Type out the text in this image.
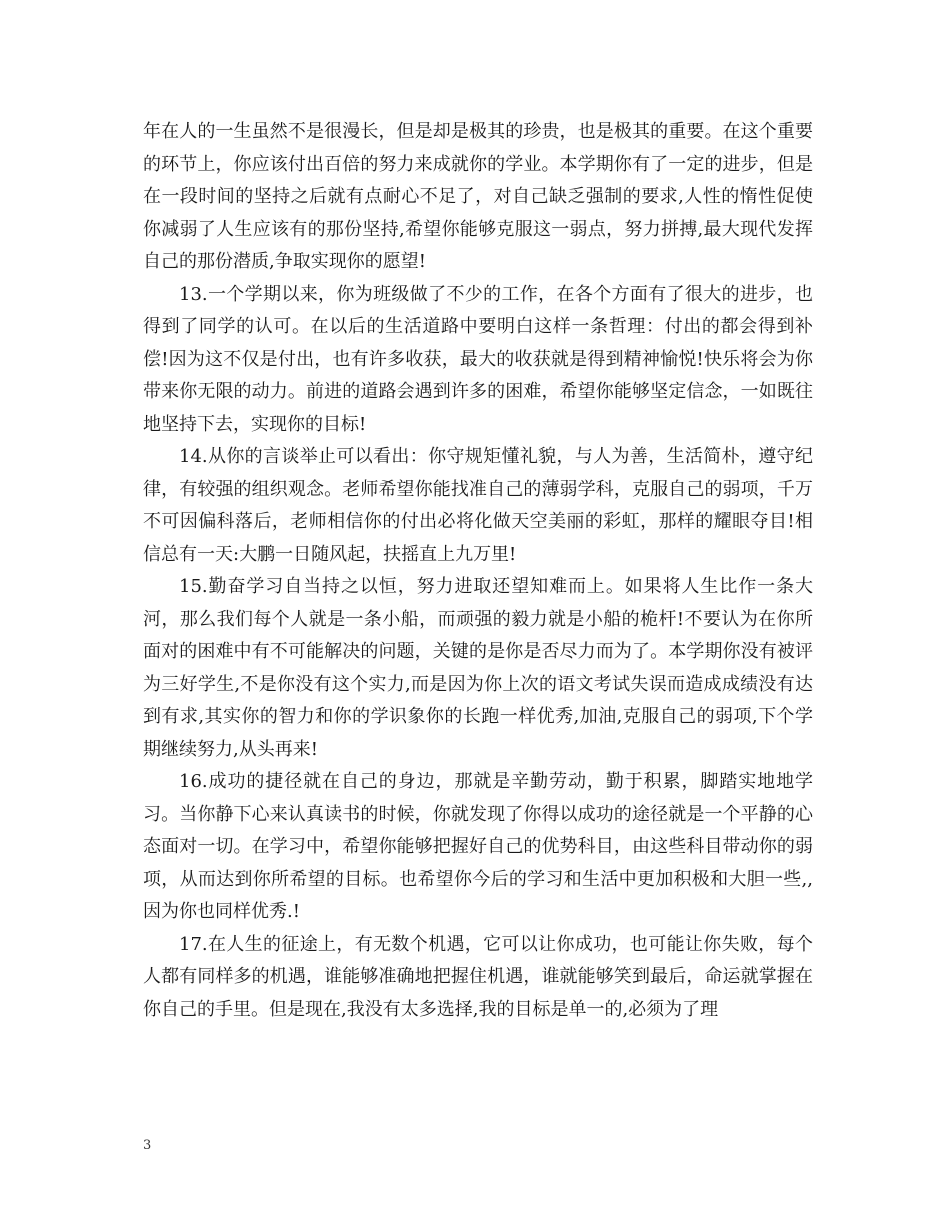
年在人的一生虽然不是很漫长，但是却是极其的珍贵，也是极其的重要。在这个重要的环节上，你应该付出百倍的努力来成就你的学业。本学期你有了一定的进步，但是在一段时间的坚持之后就有点耐心不足了，对自己缺乏强制的要求,人性的惰性促使你减弱了人生应该有的那份坚持,希望你能够克服这一弱点，努力拼搏,最大现代发挥自己的那份潜质,争取实现你的愿望!

13.一个学期以来，你为班级做了不少的工作，在各个方面有了很大的进步，也得到了同学的认可。在以后的生活道路中要明白这样一条哲理：付出的都会得到补偿!因为这不仅是付出，也有许多收获，最大的收获就是得到精神愉悦!快乐将会为你带来你无限的动力。前进的道路会遇到许多的困难，希望你能够坚定信念，一如既往地坚持下去，实现你的目标!

14.从你的言谈举止可以看出：你守规矩懂礼貌，与人为善，生活简朴，遵守纪律，有较强的组织观念。老师希望你能找准自己的薄弱学科，克服自己的弱项，千万不可因偏科落后，老师相信你的付出必将化做天空美丽的彩虹，那样的耀眼夺目!相信总有一天:大鹏一日随风起，扶摇直上九万里!

15.勤奋学习自当持之以恒，努力进取还望知难而上。如果将人生比作一条大河，那么我们每个人就是一条小船，而顽强的毅力就是小船的桅杆!不要认为在你所面对的困难中有不可能解决的问题，关键的是你是否尽力而为了。本学期你没有被评为三好学生,不是你没有这个实力,而是因为你上次的语文考试失误而造成成绩没有达到有求,其实你的智力和你的学识象你的长跑一样优秀,加油,克服自己的弱项,下个学期继续努力,从头再来!

16.成功的捷径就在自己的身边，那就是辛勤劳动，勤于积累，脚踏实地地学习。当你静下心来认真读书的时候，你就发现了你得以成功的途径就是一个平静的心态面对一切。在学习中，希望你能够把握好自己的优势科目，由这些科目带动你的弱项，从而达到你所希望的目标。也希望你今后的学习和生活中更加积极和大胆一些,,因为你也同样优秀.!

17.在人生的征途上，有无数个机遇，它可以让你成功，也可能让你失败，每个人都有同样多的机遇，谁能够准确地把握住机遇，谁就能够笑到最后，命运就掌握在你自己的手里。但是现在,我没有太多选择,我的目标是单一的,必须为了理

3
